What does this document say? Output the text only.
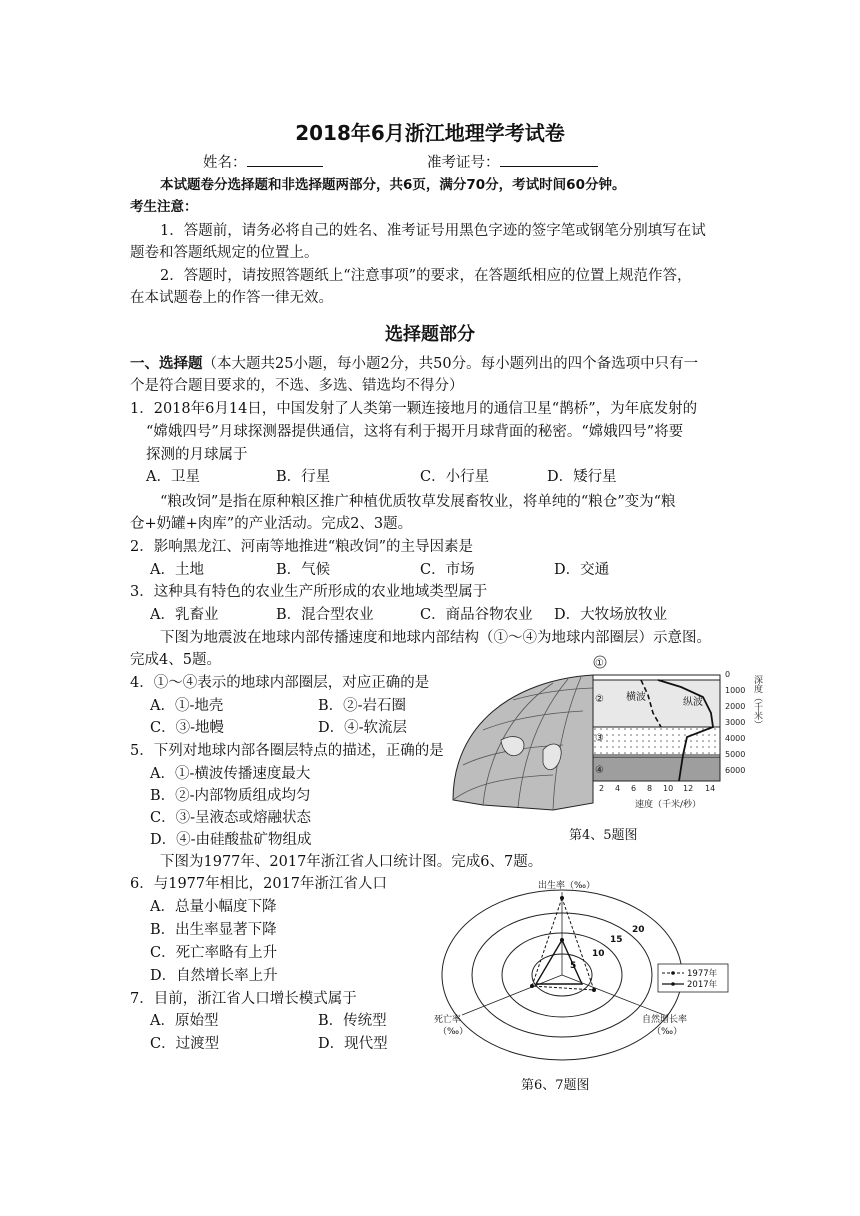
2018年6月浙江地理学考试卷
姓名：	准考证号：
本试题卷分选择题和非选择题两部分，共6页，满分70分，考试时间60分钟。
考生注意：
1．答题前，请务必将自己的姓名、准考证号用黑色字迹的签字笔或钢笔分别填写在试
题卷和答题纸规定的位置上。
2．答题时，请按照答题纸上“注意事项”的要求，在答题纸相应的位置上规范作答，
在本试题卷上的作答一律无效。
选择题部分
一、选择题（本大题共25小题，每小题2分，共50分。每小题列出的四个备选项中只有一
个是符合题目要求的，不选、多选、错选均不得分）
1．2018年6月14日，中国发射了人类第一颗连接地月的通信卫星“鹊桥”，为年底发射的
“嫦娥四号”月球探测器提供通信，这将有利于揭开月球背面的秘密。“嫦娥四号”将要
探测的月球属于
A．卫星	B．行星	C．小行星	D．矮行星
“粮改饲”是指在原种粮区推广种植优质牧草发展畜牧业，将单纯的“粮仓”变为“粮
仓+奶罐+肉库”的产业活动。完成2、3题。
2．影响黑龙江、河南等地推进“粮改饲”的主导因素是
A．土地	B．气候	C．市场	D．交通
3．这种具有特色的农业生产所形成的农业地域类型属于
A．乳畜业	B．混合型农业	C．商品谷物农业 D．大牧场放牧业
下图为地震波在地球内部传播速度和地球内部结构（①～④为地球内部圈层）示意图。
完成4、5题。
4．①～④表示的地球内部圈层，对应正确的是
A．①-地壳	B．②-岩石圈
C．③-地幔	D．④-软流层
5．下列对地球内部各圈层特点的描述，正确的是
A．①-横波传播速度最大
B．②-内部物质组成均匀
C．③-呈液态或熔融状态
D．④-由硅酸盐矿物组成
横波	纵波
①
②
③
④
0
1000
2000
3000
4000
5000
6000
深度（千米）
2 4 6 8 10 12 14
速度（千米/秒）
第4、5题图
下图为1977年、2017年浙江省人口统计图。完成6、7题。
6．与1977年相比，2017年浙江省人口
A．总量小幅度下降
B．出生率显著下降
C．死亡率略有上升
D．自然增长率上升
7．目前，浙江省人口增长模式属于
A．原始型	B．传统型
C．过渡型	D．现代型
5
10
15
20
出生率（‰）
死亡率
（‰）
自然增长率
（‰）
1977年
2017年
第6、7题图
